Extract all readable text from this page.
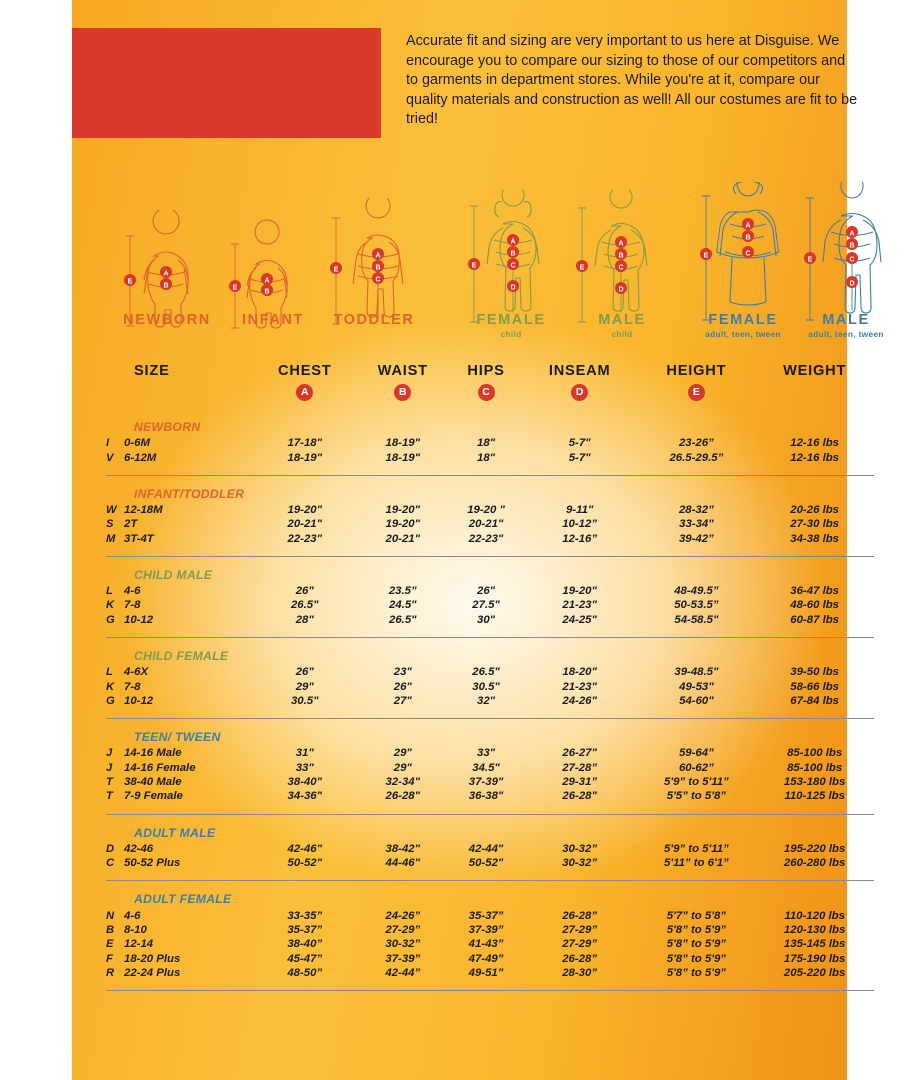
Accurate fit and sizing are very important to us here at Disguise. We encourage you to compare our sizing to those of our competitors and to garments in department stores. While you're at it, compare our quality materials and construction as well! All our costumes are fit to be tried!
A
B
E	A
B
E
A
B
C
E
A
B
C
D
E
A
B
C
D
E
A
B
C
E
A
B
C
D
E
NEWBORN	INFANT	TODDLER	FEMALE
child
MALE
child
FEMALE
adult, teen, tween
MALE
adult, teen, tween
SIZE		CHEST	WAIST	HIPS	INSEAM	HEIGHT	WEIGHT
		A	B	C	D	E	
NEWBORN							
I	0-6M	17-18"	18-19"	18"	5-7"	23-26”	12-16 lbs
V	6-12M	18-19"	18-19"	18"	5-7"	26.5-29.5”	12-16 lbs

INFANT/TODDLER							
W	12-18M	19-20"	19-20"	19-20 "	9-11"	28-32”	20-26 lbs
S	2T	20-21"	19-20"	20-21"	10-12”	33-34"	27-30 lbs
M	3T-4T	22-23"	20-21"	22-23"	12-16”	39-42”	34-38 lbs

CHILD MALE							
L	4-6	26"	23.5”	26"	19-20"	48-49.5”	36-47 lbs
K	7-8	26.5"	24.5"	27.5"	21-23"	50-53.5”	48-60 lbs
G	10-12	28"	26.5"	30"	24-25"	54-58.5"	60-87 lbs

CHILD FEMALE							
L	4-6X	26"	23"	26.5"	18-20"	39-48.5"	39-50 lbs
K	7-8	29"	26"	30.5"	21-23"	49-53"	58-66 lbs
G	10-12	30.5"	27"	32"	24-26"	54-60"	67-84 lbs

TEEN/ TWEEN							
J	14-16 Male	31"	29"	33"	26-27"	59-64”	85-100 lbs
J	14-16 Female	33"	29"	34.5"	27-28”	60-62”	85-100 lbs
T	38-40 Male	38-40"	32-34"	37-39"	29-31”	5'9” to 5'11”	153-180 lbs
T	7-9 Female	34-36"	26-28"	36-38"	26-28"	5'5” to 5'8”	110-125 lbs

ADULT MALE							
D	42-46	42-46"	38-42"	42-44"	30-32”	5'9” to 5'11”	195-220 lbs
C	50-52 Plus	50-52"	44-46"	50-52"	30-32”	5'11” to 6'1”	260-280 lbs

ADULT FEMALE							
N	4-6	33-35”	24-26”	35-37”	26-28”	5'7” to 5'8”	110-120 lbs
B	8-10	35-37”	27-29”	37-39”	27-29”	5'8” to 5'9”	120-130 lbs
E	12-14	38-40”	30-32”	41-43”	27-29”	5'8” to 5'9”	135-145 lbs
F	18-20 Plus	45-47”	37-39”	47-49”	26-28”	5'8” to 5'9”	175-190 lbs
R	22-24 Plus	48-50”	42-44”	49-51”	28-30”	5'8” to 5'9”	205-220 lbs
